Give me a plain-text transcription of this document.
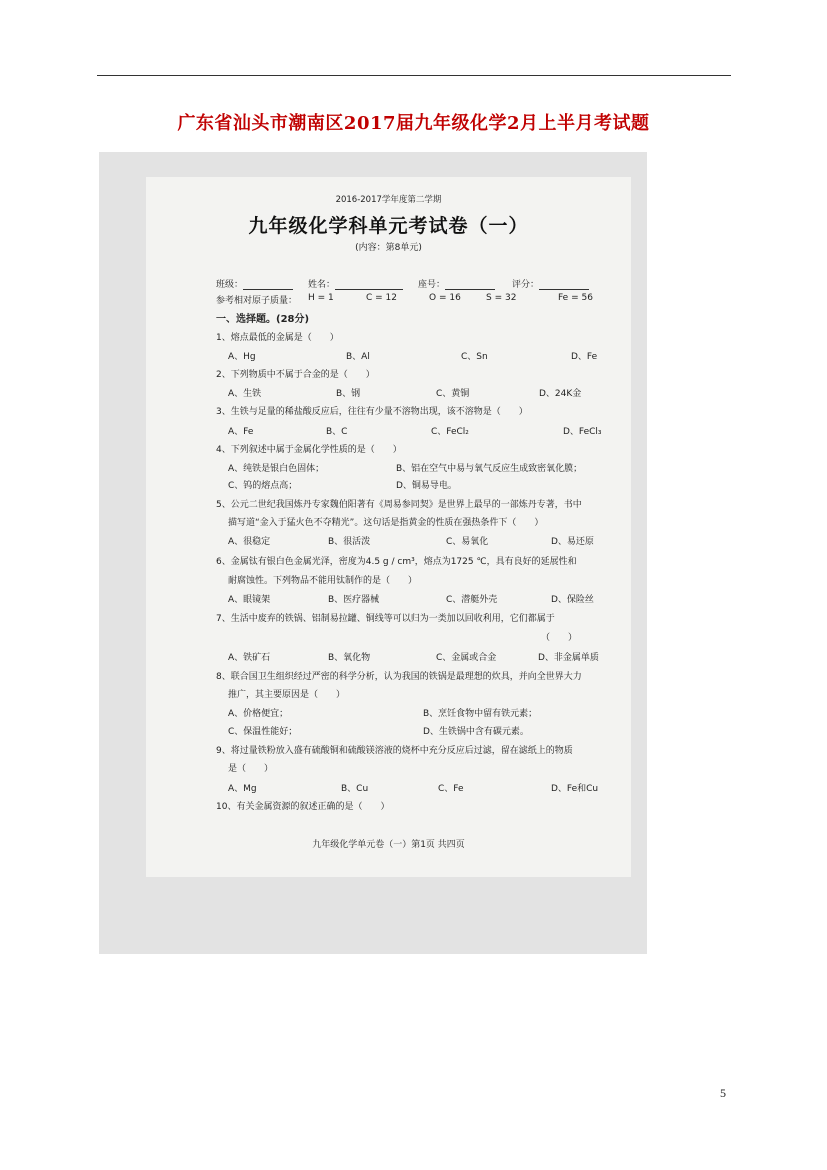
广东省汕头市潮南区2017届九年级化学2月上半月考试题
2016-2017学年度第二学期
九年级化学科单元考试卷（一）
(内容：第8单元)
班级：	姓名：	座号：	评分：
参考相对原子质量： H = 1	C = 12	O = 16	S = 32	Fe = 56
一、选择题。(28分)
1、熔点最低的金属是（　　）
A、Hg	B、Al	C、Sn	D、Fe
2、下列物质中不属于合金的是（　　）
A、生铁	B、钢	C、黄铜	D、24K金
3、生铁与足量的稀盐酸反应后，往往有少量不溶物出现，该不溶物是（　　）
A、Fe	B、C	C、FeCl₂	D、FeCl₃
4、下列叙述中属于金属化学性质的是（　　）
A、纯铁是银白色固体；	B、铝在空气中易与氧气反应生成致密氧化膜；
C、钨的熔点高；	D、铜易导电。
5、公元二世纪我国炼丹专家魏伯阳著有《周易参同契》是世界上最早的一部炼丹专著，书中
描写道“金入于猛火色不夺精光”。这句话是指黄金的性质在强热条件下（　　）
A、很稳定	B、很活泼	C、易氧化	D、易还原
6、金属钛有银白色金属光泽，密度为4.5 g / cm³，熔点为1725 ℃，具有良好的延展性和
耐腐蚀性。下列物品不能用钛制作的是（　　）
A、眼镜架	B、医疗器械	C、潜艇外壳	D、保险丝
7、生活中废弃的铁锅、铝制易拉罐、铜线等可以归为一类加以回收利用，它们都属于
（　　）
A、铁矿石	B、氧化物	C、金属或合金	D、非金属单质
8、联合国卫生组织经过严密的科学分析，认为我国的铁锅是最理想的炊具，并向全世界大力
推广，其主要原因是（　　）
A、价格便宜；	B、烹饪食物中留有铁元素；
C、保温性能好；	D、生铁锅中含有碳元素。
9、将过量铁粉放入盛有硫酸铜和硫酸镁溶液的烧杯中充分反应后过滤，留在滤纸上的物质
是（　　）
A、Mg	B、Cu	C、Fe	D、Fe和Cu
10、有关金属资源的叙述正确的是（　　）
九年级化学单元卷（一）第1页 共四页
5
